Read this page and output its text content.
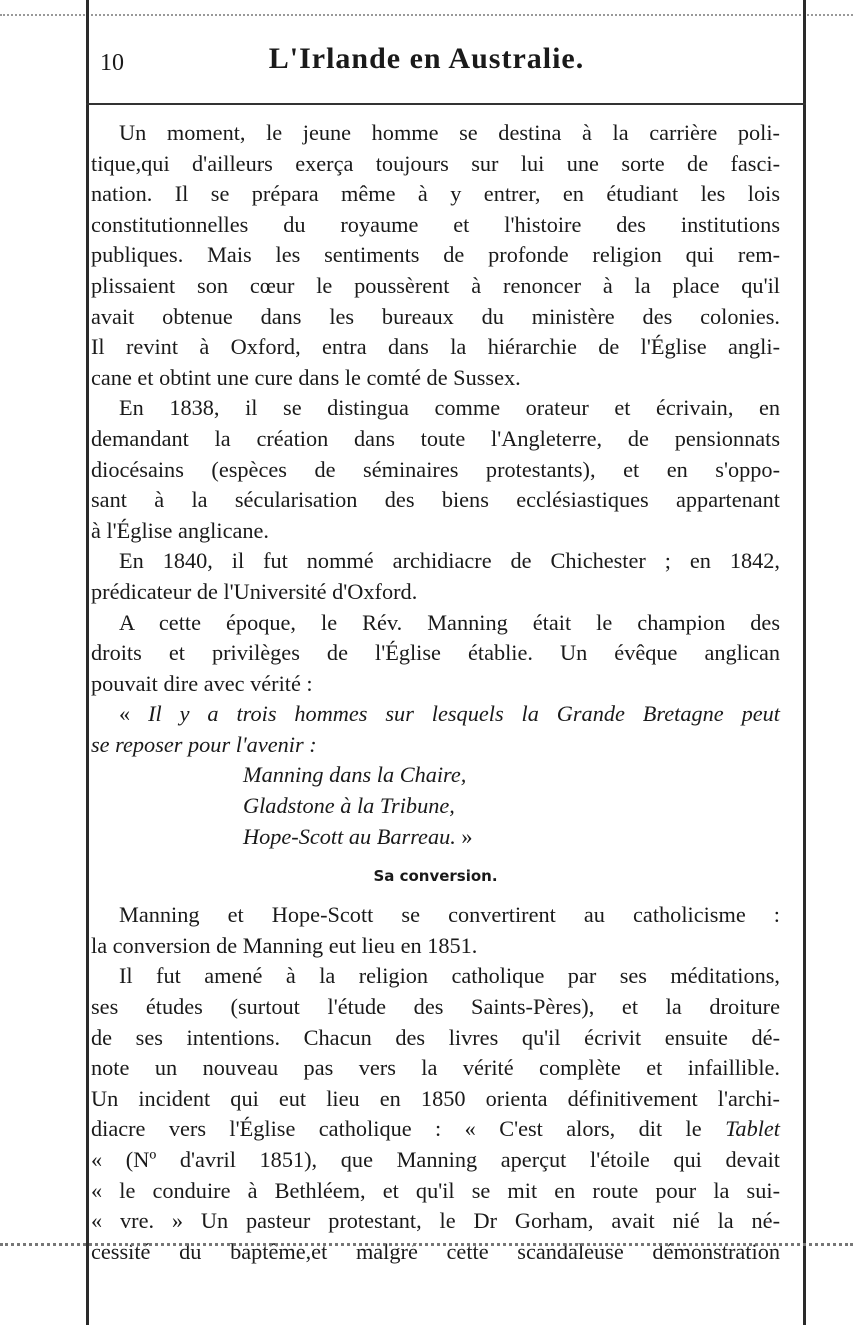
10	L'Irlande en Australie.
Un moment, le jeune homme se destina à la carrière poli-
tique,qui d'ailleurs exerça toujours sur lui une sorte de fasci-
nation. Il se prépara même à y entrer, en étudiant les lois
constitutionnelles du royaume et l'histoire des institutions
publiques. Mais les sentiments de profonde religion qui rem-
plissaient son cœur le poussèrent à renoncer à la place qu'il
avait obtenue dans les bureaux du ministère des colonies.
Il revint à Oxford, entra dans la hiérarchie de l'Église angli-
cane et obtint une cure dans le comté de Sussex.
En 1838, il se distingua comme orateur et écrivain, en
demandant la création dans toute l'Angleterre, de pensionnats
diocésains (espèces de séminaires protestants), et en s'oppo-
sant à la sécularisation des biens ecclésiastiques appartenant
à l'Église anglicane.
En 1840, il fut nommé archidiacre de Chichester ; en 1842,
prédicateur de l'Université d'Oxford.
A cette époque, le Rév. Manning était le champion des
droits et privilèges de l'Église établie. Un évêque anglican
pouvait dire avec vérité :
« Il y a trois hommes sur lesquels la Grande Bretagne peut
se reposer pour l'avenir :
Manning dans la Chaire,
Gladstone à la Tribune,
Hope-Scott au Barreau. »
Sa conversion.
Manning et Hope-Scott se convertirent au catholicisme :
la conversion de Manning eut lieu en 1851.
Il fut amené à la religion catholique par ses méditations,
ses études (surtout l'étude des Saints-Pères), et la droiture
de ses intentions. Chacun des livres qu'il écrivit ensuite dé-
note un nouveau pas vers la vérité complète et infaillible.
Un incident qui eut lieu en 1850 orienta définitivement l'archi-
diacre vers l'Église catholique : « C'est alors, dit le Tablet
« (Nº d'avril 1851), que Manning aperçut l'étoile qui devait
« le conduire à Bethléem, et qu'il se mit en route pour la sui-
« vre. » Un pasteur protestant, le Dr Gorham, avait nié la né-
cessité du baptême,et malgré cette scandaleuse démonstration
